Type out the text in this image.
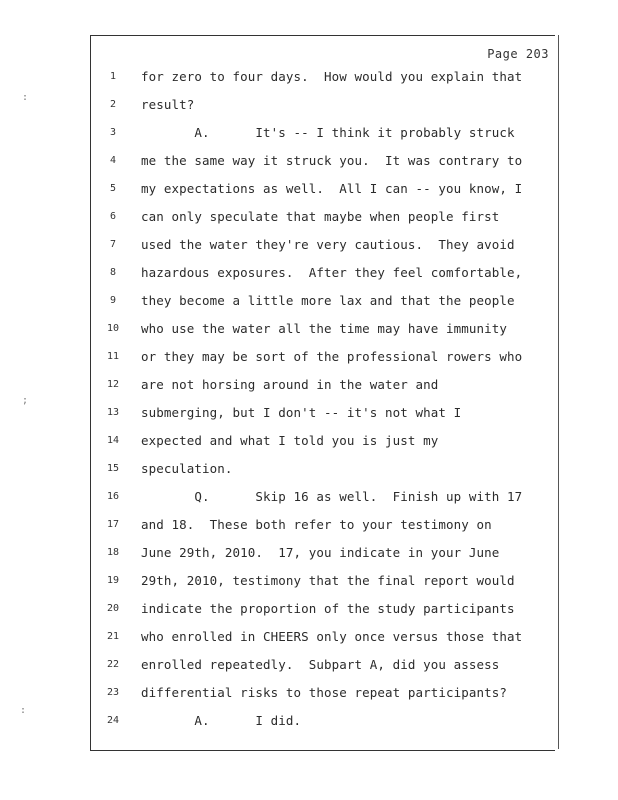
Page 203
1	for zero to four days.  How would you explain that
2	result?
3	A.      It's -- I think it probably struck
4	me the same way it struck you.  It was contrary to
5	my expectations as well.  All I can -- you know, I
6	can only speculate that maybe when people first
7	used the water they're very cautious.  They avoid
8	hazardous exposures.  After they feel comfortable,
9	they become a little more lax and that the people
10	who use the water all the time may have immunity
11	or they may be sort of the professional rowers who
12	are not horsing around in the water and
13	submerging, but I don't -- it's not what I
14	expected and what I told you is just my
15	speculation.
16	Q.      Skip 16 as well.  Finish up with 17
17	and 18.  These both refer to your testimony on
18	June 29th, 2010.  17, you indicate in your June
19	29th, 2010, testimony that the final report would
20	indicate the proportion of the study participants
21	who enrolled in CHEERS only once versus those that
22	enrolled repeatedly.  Subpart A, did you assess
23	differential risks to those repeat participants?
24	A.      I did.
:
;
:
